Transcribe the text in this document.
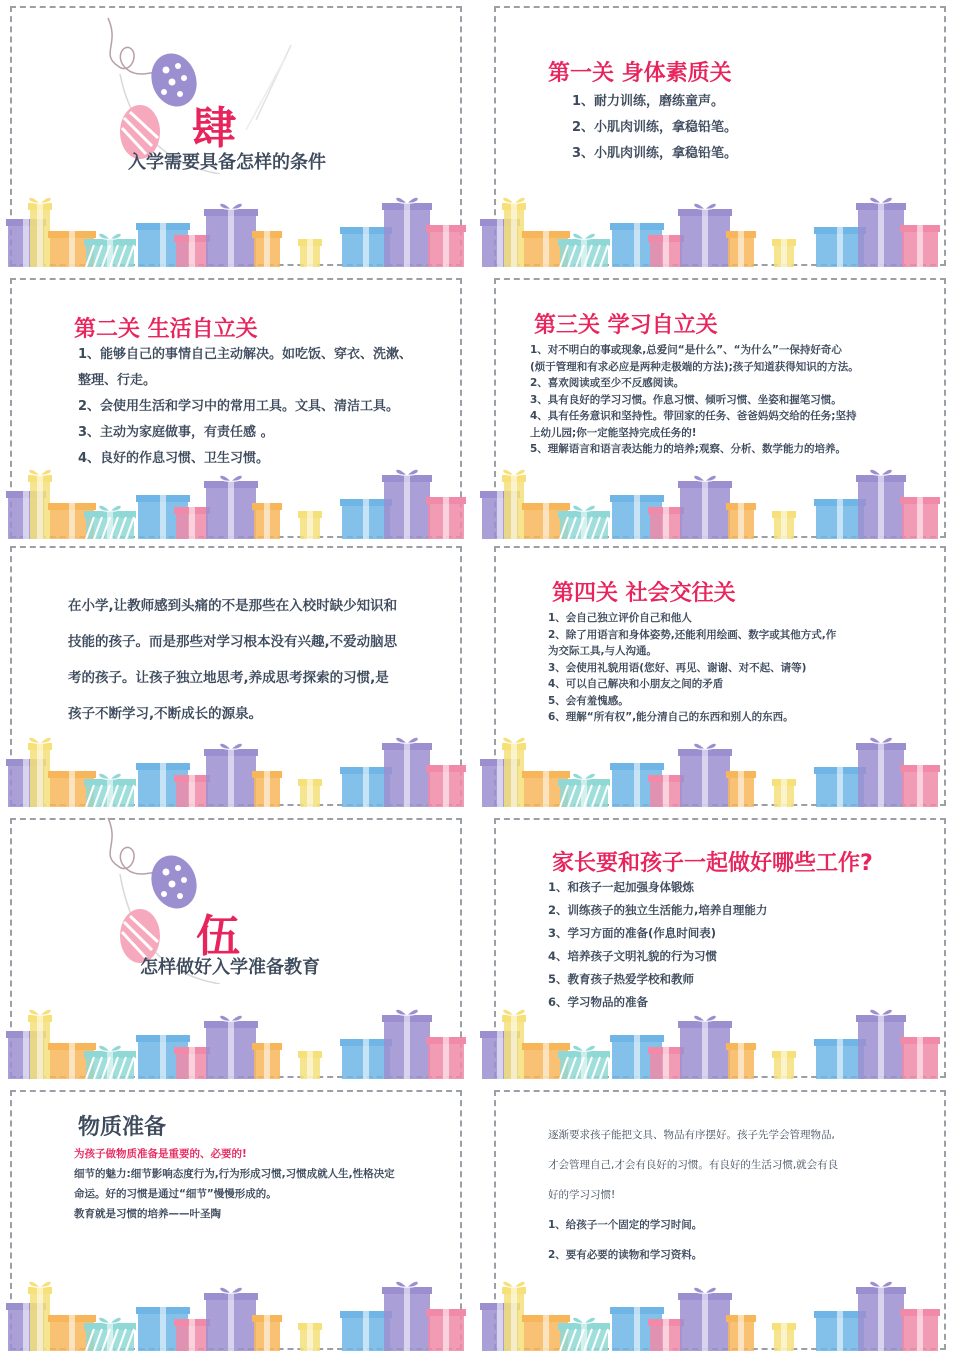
肆
入学需要具备怎样的条件
第一关 身体素质关

1、耐力训练，磨练童声。

2、小肌肉训练，拿稳铅笔。

3、小肌肉训练，拿稳铅笔。

第二关 生活自立关

1、能够自己的事情自己主动解决。如吃饭、穿衣、洗漱、

整理、行走。

2、会使用生活和学习中的常用工具。文具、清洁工具。

3、主动为家庭做事，有责任感 。

4、良好的作息习惯、卫生习惯。

第三关 学习自立关

1、对不明白的事或现象,总爱问“是什么”、“为什么”一保持好奇心

(烦于管理和有求必应是两种走极端的方法);孩子知道获得知识的方法。

2、喜欢阅读或至少不反感阅读。

3、具有良好的学习习惯。作息习惯、倾听习惯、坐姿和握笔习惯。

4、具有任务意识和坚持性。带回家的任务、爸爸妈妈交给的任务;坚持

上幼儿园;你一定能坚持完成任务的!

5、理解语言和语言表达能力的培养;观察、分析、数学能力的培养。

在小学,让教师感到头痛的不是那些在入校时缺少知识和

技能的孩子。而是那些对学习根本没有兴趣,不爱动脑思

考的孩子。让孩子独立地思考,养成思考探索的习惯,是

孩子不断学习,不断成长的源泉。

第四关 社会交往关

1、会自己独立评价自己和他人

2、除了用语言和身体姿势,还能利用绘画、数字或其他方式,作

为交际工具,与人沟通。

3、会使用礼貌用语(您好、再见、谢谢、对不起、请等)

4、可以自己解决和小朋友之间的矛盾

5、会有羞愧感。

6、理解“所有权”,能分清自己的东西和别人的东西。

伍
怎样做好入学准备教育
家长要和孩子一起做好哪些工作?

1、和孩子一起加强身体锻炼

2、训练孩子的独立生活能力,培养自理能力

3、学习方面的准备(作息时间表)

4、培养孩子文明礼貌的行为习惯

5、教育孩子热爱学校和教师

6、学习物品的准备

物质准备

为孩子做物质准备是重要的、必要的!

细节的魅力:细节影响态度行为,行为形成习惯,习惯成就人生,性格决定

命运。好的习惯是通过“细节”慢慢形成的。

教育就是习惯的培养——叶圣陶

逐渐要求孩子能把文具、物品有序摆好。孩子先学会管理物品,

才会管理自己,才会有良好的习惯。有良好的生活习惯,就会有良

好的学习习惯!

1、给孩子一个固定的学习时间。

2、要有必要的读物和学习资料。
